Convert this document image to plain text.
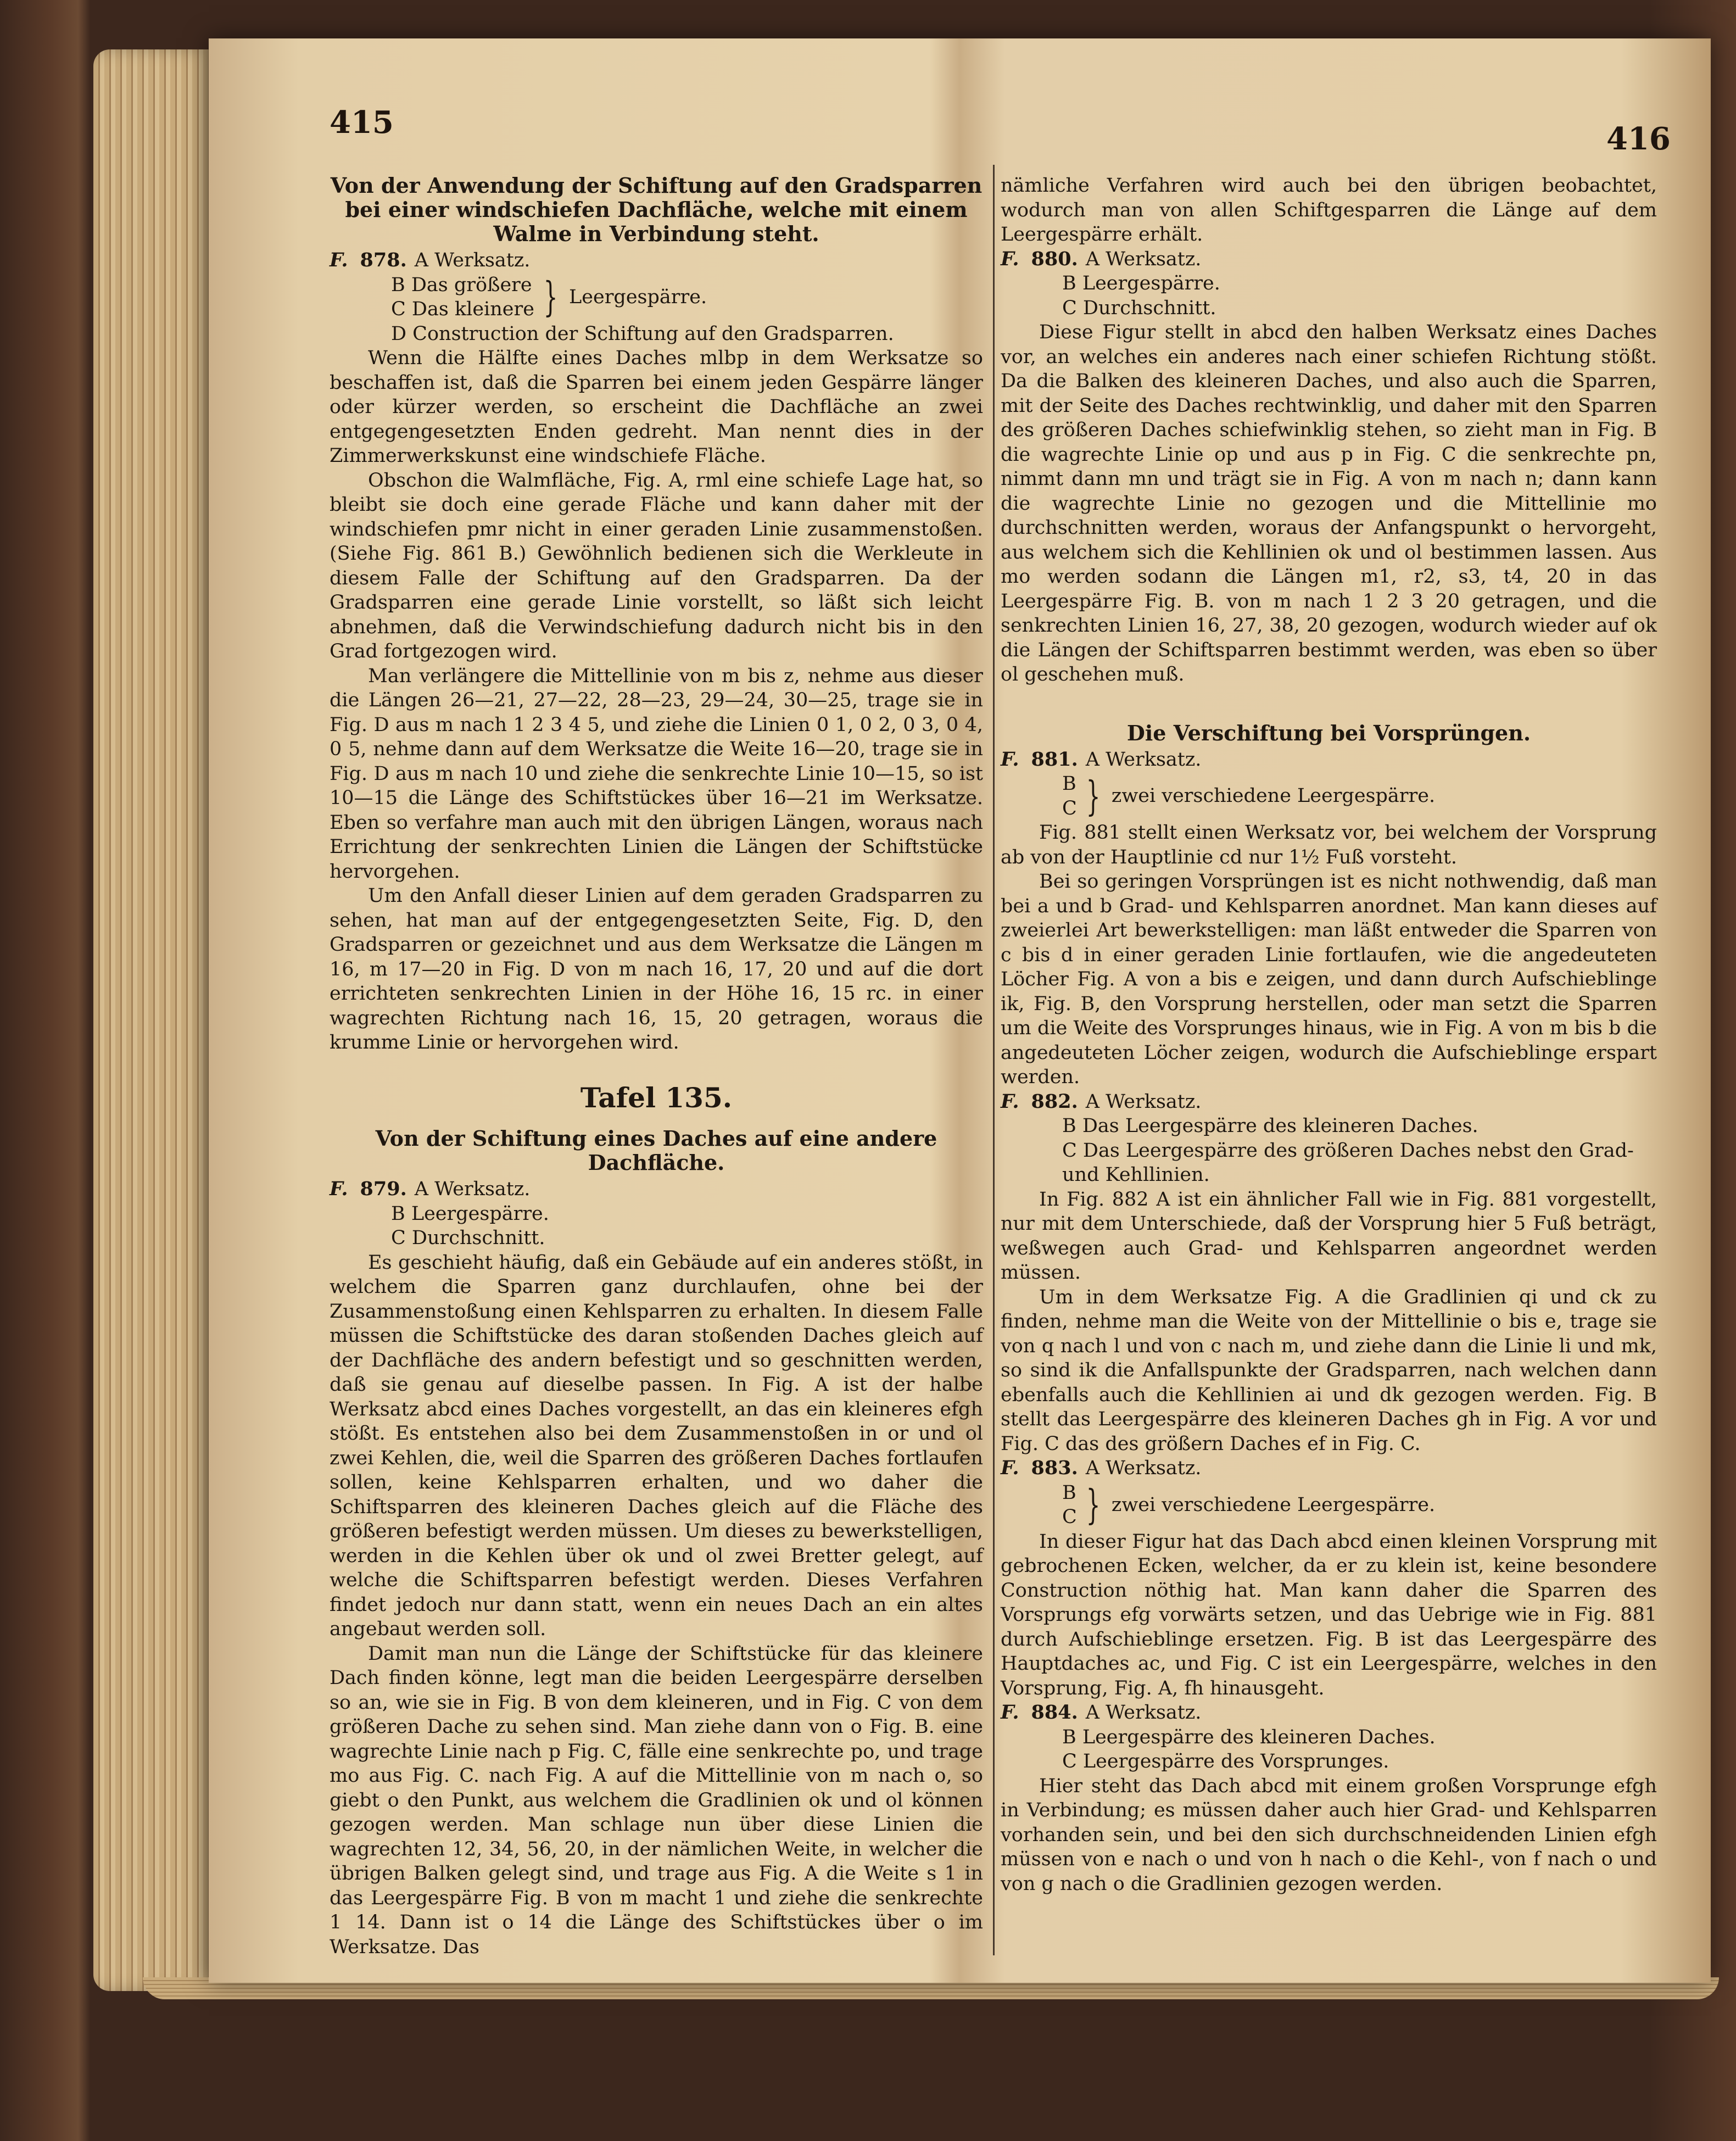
415	416
Von der Anwendung der Schiftung auf den Gradsparren bei einer windschiefen Dachfläche, welche mit einem Walme in Verbindung steht.

F. 878. A Werksatz.

B Das größere
C Das kleinere } Leergespärre.

D Construction der Schiftung auf den Gradsparren.

Wenn die Hälfte eines Daches mlbp in dem Werksatze so beschaffen ist, daß die Sparren bei einem jeden Gespärre länger oder kürzer werden, so erscheint die Dachfläche an zwei entgegengesetzten Enden gedreht. Man nennt dies in der Zimmerwerkskunst eine windschiefe Fläche.

Obschon die Walmfläche, Fig. A, rml eine schiefe Lage hat, so bleibt sie doch eine gerade Fläche und kann daher mit der windschiefen pmr nicht in einer geraden Linie zusammenstoßen. (Siehe Fig. 861 B.) Gewöhnlich bedienen sich die Werkleute in diesem Falle der Schiftung auf den Gradsparren. Da der Gradsparren eine gerade Linie vorstellt, so läßt sich leicht abnehmen, daß die Verwindschiefung dadurch nicht bis in den Grad fortgezogen wird.

Man verlängere die Mittellinie von m bis z, nehme aus dieser die Längen 26—21, 27—22, 28—23, 29—24, 30—25, trage sie in Fig. D aus m nach 1 2 3 4 5, und ziehe die Linien 0 1, 0 2, 0 3, 0 4, 0 5, nehme dann auf dem Werksatze die Weite 16—20, trage sie in Fig. D aus m nach 10 und ziehe die senkrechte Linie 10—15, so ist 10—15 die Länge des Schiftstückes über 16—21 im Werksatze. Eben so verfahre man auch mit den übrigen Längen, woraus nach Errichtung der senkrechten Linien die Längen der Schiftstücke hervorgehen.

Um den Anfall dieser Linien auf dem geraden Gradsparren zu sehen, hat man auf der entgegengesetzten Seite, Fig. D, den Gradsparren or gezeichnet und aus dem Werksatze die Längen m 16, m 17—20 in Fig. D von m nach 16, 17, 20 und auf die dort errichteten senkrechten Linien in der Höhe 16, 15 rc. in einer wagrechten Richtung nach 16, 15, 20 getragen, woraus die krumme Linie or hervorgehen wird.

Tafel 135.
Von der Schiftung eines Daches auf eine andere Dachfläche.

F. 879. A Werksatz.

B Leergespärre.

C Durchschnitt.

Es geschieht häufig, daß ein Gebäude auf ein anderes stößt, in welchem die Sparren ganz durchlaufen, ohne bei der Zusammenstoßung einen Kehlsparren zu erhalten. In diesem Falle müssen die Schiftstücke des daran stoßenden Daches gleich auf der Dachfläche des andern befestigt und so geschnitten werden, daß sie genau auf dieselbe passen. In Fig. A ist der halbe Werksatz abcd eines Daches vorgestellt, an das ein kleineres efgh stößt. Es entstehen also bei dem Zusammenstoßen in or und ol zwei Kehlen, die, weil die Sparren des größeren Daches fortlaufen sollen, keine Kehlsparren erhalten, und wo daher die Schiftsparren des kleineren Daches gleich auf die Fläche des größeren befestigt werden müssen. Um dieses zu bewerkstelligen, werden in die Kehlen über ok und ol zwei Bretter gelegt, auf welche die Schiftsparren befestigt werden. Dieses Verfahren findet jedoch nur dann statt, wenn ein neues Dach an ein altes angebaut werden soll.

Damit man nun die Länge der Schiftstücke für das kleinere Dach finden könne, legt man die beiden Leergespärre derselben so an, wie sie in Fig. B von dem kleineren, und in Fig. C von dem größeren Dache zu sehen sind. Man ziehe dann von o Fig. B. eine wagrechte Linie nach p Fig. C, fälle eine senkrechte po, und trage mo aus Fig. C. nach Fig. A auf die Mittellinie von m nach o, so giebt o den Punkt, aus welchem die Gradlinien ok und ol können gezogen werden. Man schlage nun über diese Linien die wagrechten 12, 34, 56, 20, in der nämlichen Weite, in welcher die übrigen Balken gelegt sind, und trage aus Fig. A die Weite s 1 in das Leergespärre Fig. B von m macht 1 und ziehe die senkrechte 1 14. Dann ist o 14 die Länge des Schiftstückes über o im Werksatze. Das

nämliche Verfahren wird auch bei den übrigen beobachtet, wodurch man von allen Schiftgesparren die Länge auf dem Leergespärre erhält.

F. 880. A Werksatz.

B Leergespärre.

C Durchschnitt.

Diese Figur stellt in abcd den halben Werksatz eines Daches vor, an welches ein anderes nach einer schiefen Richtung stößt. Da die Balken des kleineren Daches, und also auch die Sparren, mit der Seite des Daches rechtwinklig, und daher mit den Sparren des größeren Daches schiefwinklig stehen, so zieht man in Fig. B die wagrechte Linie op und aus p in Fig. C die senkrechte pn, nimmt dann mn und trägt sie in Fig. A von m nach n; dann kann die wagrechte Linie no gezogen und die Mittellinie mo durchschnitten werden, woraus der Anfangspunkt o hervorgeht, aus welchem sich die Kehllinien ok und ol bestimmen lassen. Aus mo werden sodann die Längen m1, r2, s3, t4, 20 in das Leergespärre Fig. B. von m nach 1 2 3 20 getragen, und die senkrechten Linien 16, 27, 38, 20 gezogen, wodurch wieder auf ok die Längen der Schiftsparren bestimmt werden, was eben so über ol geschehen muß.

Die Verschiftung bei Vorsprüngen.

F. 881. A Werksatz.

B
C } zwei verschiedene Leergespärre.

Fig. 881 stellt einen Werksatz vor, bei welchem der Vorsprung ab von der Hauptlinie cd nur 1½ Fuß vorsteht.

Bei so geringen Vorsprüngen ist es nicht nothwendig, daß man bei a und b Grad- und Kehlsparren anordnet. Man kann dieses auf zweierlei Art bewerkstelligen: man läßt entweder die Sparren von c bis d in einer geraden Linie fortlaufen, wie die angedeuteten Löcher Fig. A von a bis e zeigen, und dann durch Aufschieblinge ik, Fig. B, den Vorsprung herstellen, oder man setzt die Sparren um die Weite des Vorsprunges hinaus, wie in Fig. A von m bis b die angedeuteten Löcher zeigen, wodurch die Aufschieblinge erspart werden.

F. 882. A Werksatz.

B Das Leergespärre des kleineren Daches.

C Das Leergespärre des größeren Daches nebst den Grad- und Kehllinien.

In Fig. 882 A ist ein ähnlicher Fall wie in Fig. 881 vorgestellt, nur mit dem Unterschiede, daß der Vorsprung hier 5 Fuß beträgt, weßwegen auch Grad- und Kehlsparren angeordnet werden müssen.

Um in dem Werksatze Fig. A die Gradlinien qi und ck zu finden, nehme man die Weite von der Mittellinie o bis e, trage sie von q nach l und von c nach m, und ziehe dann die Linie li und mk, so sind ik die Anfallspunkte der Gradsparren, nach welchen dann ebenfalls auch die Kehllinien ai und dk gezogen werden. Fig. B stellt das Leergespärre des kleineren Daches gh in Fig. A vor und Fig. C das des größern Daches ef in Fig. C.

F. 883. A Werksatz.

B
C } zwei verschiedene Leergespärre.

In dieser Figur hat das Dach abcd einen kleinen Vorsprung mit gebrochenen Ecken, welcher, da er zu klein ist, keine besondere Construction nöthig hat. Man kann daher die Sparren des Vorsprungs efg vorwärts setzen, und das Uebrige wie in Fig. 881 durch Aufschieblinge ersetzen. Fig. B ist das Leergespärre des Hauptdaches ac, und Fig. C ist ein Leergespärre, welches in den Vorsprung, Fig. A, fh hinausgeht.

F. 884. A Werksatz.

B Leergespärre des kleineren Daches.

C Leergespärre des Vorsprunges.

Hier steht das Dach abcd mit einem großen Vorsprunge efgh in Verbindung; es müssen daher auch hier Grad- und Kehlsparren vorhanden sein, und bei den sich durchschneidenden Linien efgh müssen von e nach o und von h nach o die Kehl-, von f nach o und von g nach o die Gradlinien gezogen werden.
